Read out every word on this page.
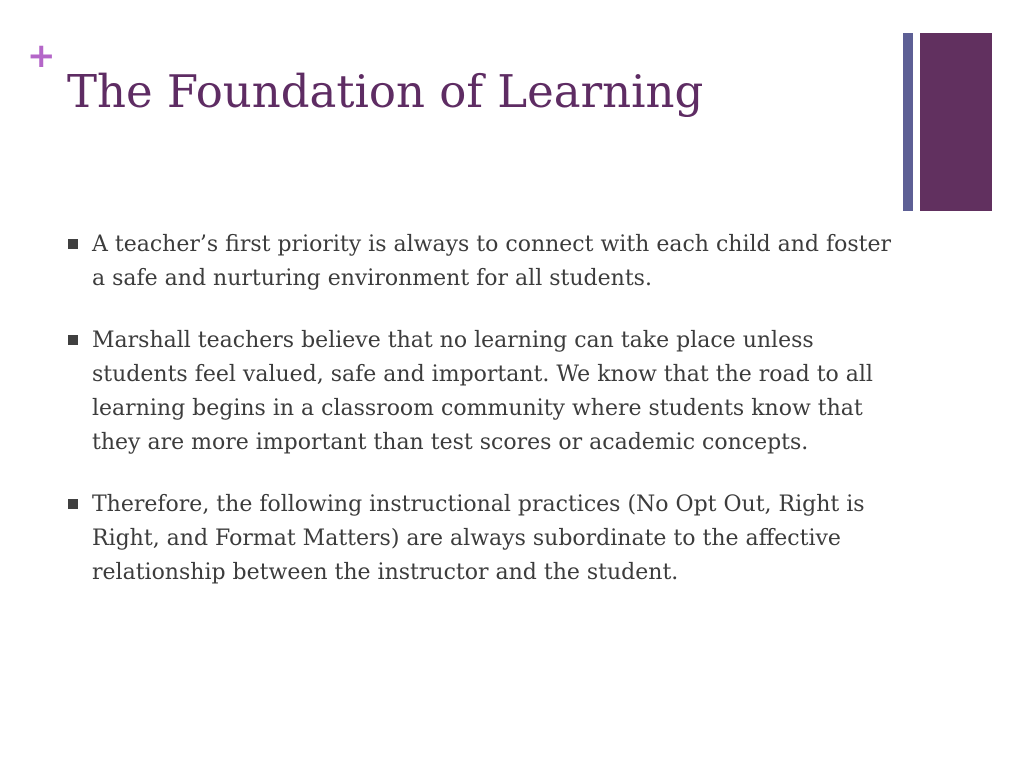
+
The Foundation of Learning
A teacher’s first priority is always to connect with each child and foster a safe and nurturing environment for all students.
Marshall teachers believe that no learning can take place unless students feel valued, safe and important. We know that the road to all learning begins in a classroom community where students know that they are more important than test scores or academic concepts.
Therefore, the following instructional practices (No Opt Out, Right is Right, and Format Matters) are always subordinate to the affective relationship between the instructor and the student.
